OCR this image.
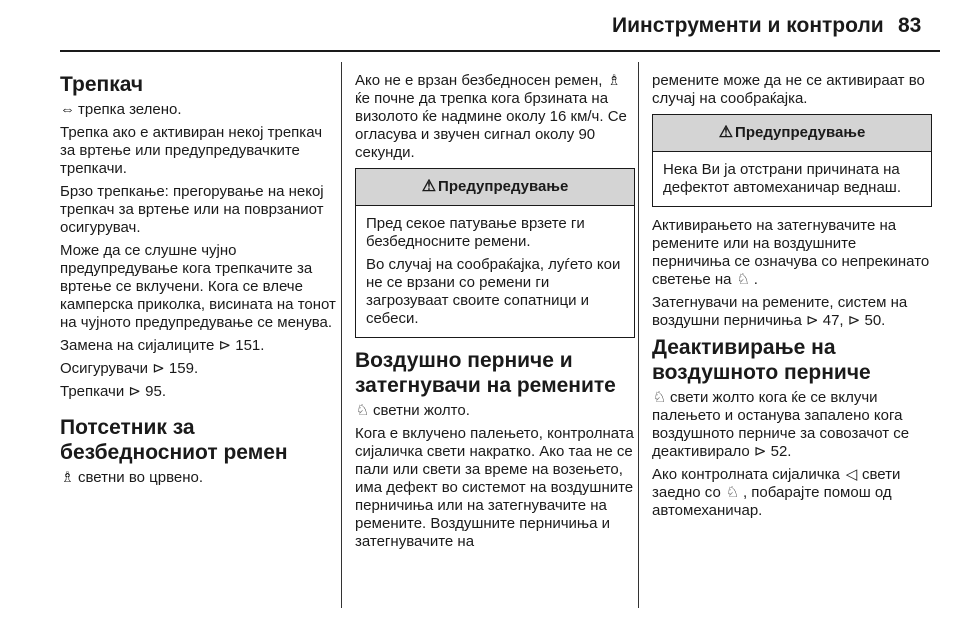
Иинструменти и контроли 83
Трепкач

⇔ трепка зелено.

Трепка ако е активиран некој трепкач за вртење или предупредувачките трепкачи.

Брзо трепкање: прегорување на некој трепкач за вртење или на поврзаниот осигурувач.

Може да се слушне чујно предупредување кога трепкачите за вртење се вклучени. Кога се влече камперска приколка, висината на тонот на чујното предупредување се менува.

Замена на сијалиците ⊳ 151.

Осигурувачи ⊳ 159.

Трепкачи ⊳ 95.

Потсетник за безбедносниот ремен

♗ светни во црвено.

Ако не е врзан безбедносен ремен, ♗ќе почне да трепка кога брзината на визолото ќе надмине околу 16 км/ч. Се огласува и звучен сигнал околу 90 секунди.

⚠ Предупредување

Пред секое патување врзете ги безбедносните ремени.

Во случај на сообраќајка, луѓето кои не се врзани со ремени ги загрозуваат своите сопатници и себеси.

Воздушно перниче и затегнувачи на ремените

♘ светни жолто.

Кога е вклучено палењето, контролната сијаличка свети накратко. Ако таа не се пали или свети за време на возењето, има дефект во системот на воздушните перничиња или на затегнувачите на ремените. Воздушните перничиња и затегнувачите на

ремените може да не се активираат во случај на сообраќајка.

⚠ Предупредување

Нека Ви ја отстрани причината на дефектот автомеханичар веднаш.

Активирањето на затегнувачите на ремените или на воздушните перничиња се означува со непрекинато светење на ♘ .

Затегнувачи на ремените, систем на воздушни перничиња ⊳ 47, ⊳ 50.

Деактивирање на воздушното перниче

♘ свети жолто кога ќе се вклучи палењето и останува запалено кога воздушното перниче за совозачот се деактивирало ⊳ 52.

Ако контролната сијаличка ◁ свети заедно со ♘ , побарајте помош од автомеханичар.
